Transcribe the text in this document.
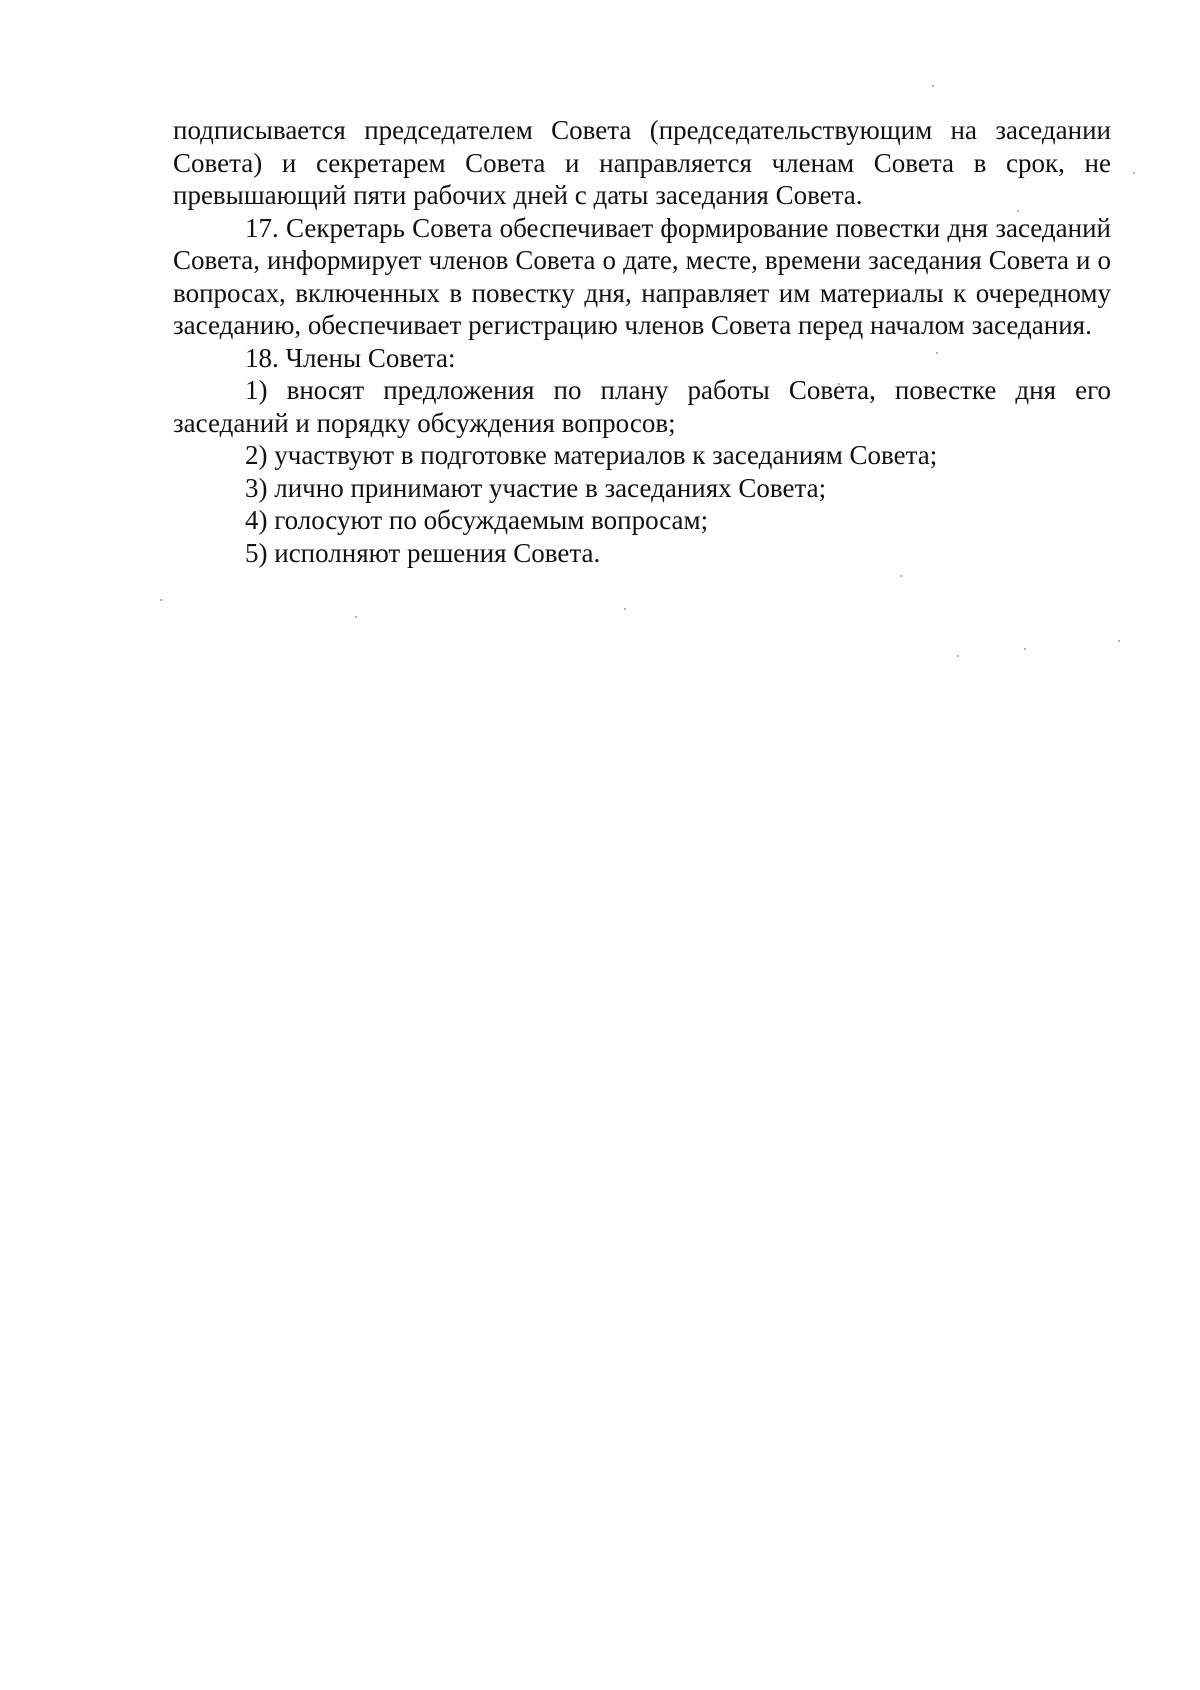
подписывается председателем Совета (председательствующим на заседании Совета) и секретарем Совета и направляется членам Совета в срок, не превышающий пяти рабочих дней с даты заседания Совета.

17. Секретарь Совета обеспечивает формирование повестки дня заседаний Совета, информирует членов Совета о дате, месте, времени заседания Совета и о вопросах, включенных в повестку дня, направляет им материалы к очередному заседанию, обеспечивает регистрацию членов Совета перед началом заседания.

18. Члены Совета:

1) вносят предложения по плану работы Совета, повестке дня его заседаний и порядку обсуждения вопросов;

2) участвуют в подготовке материалов к заседаниям Совета;

3) лично принимают участие в заседаниях Совета;

4) голосуют по обсуждаемым вопросам;

5) исполняют решения Совета.
